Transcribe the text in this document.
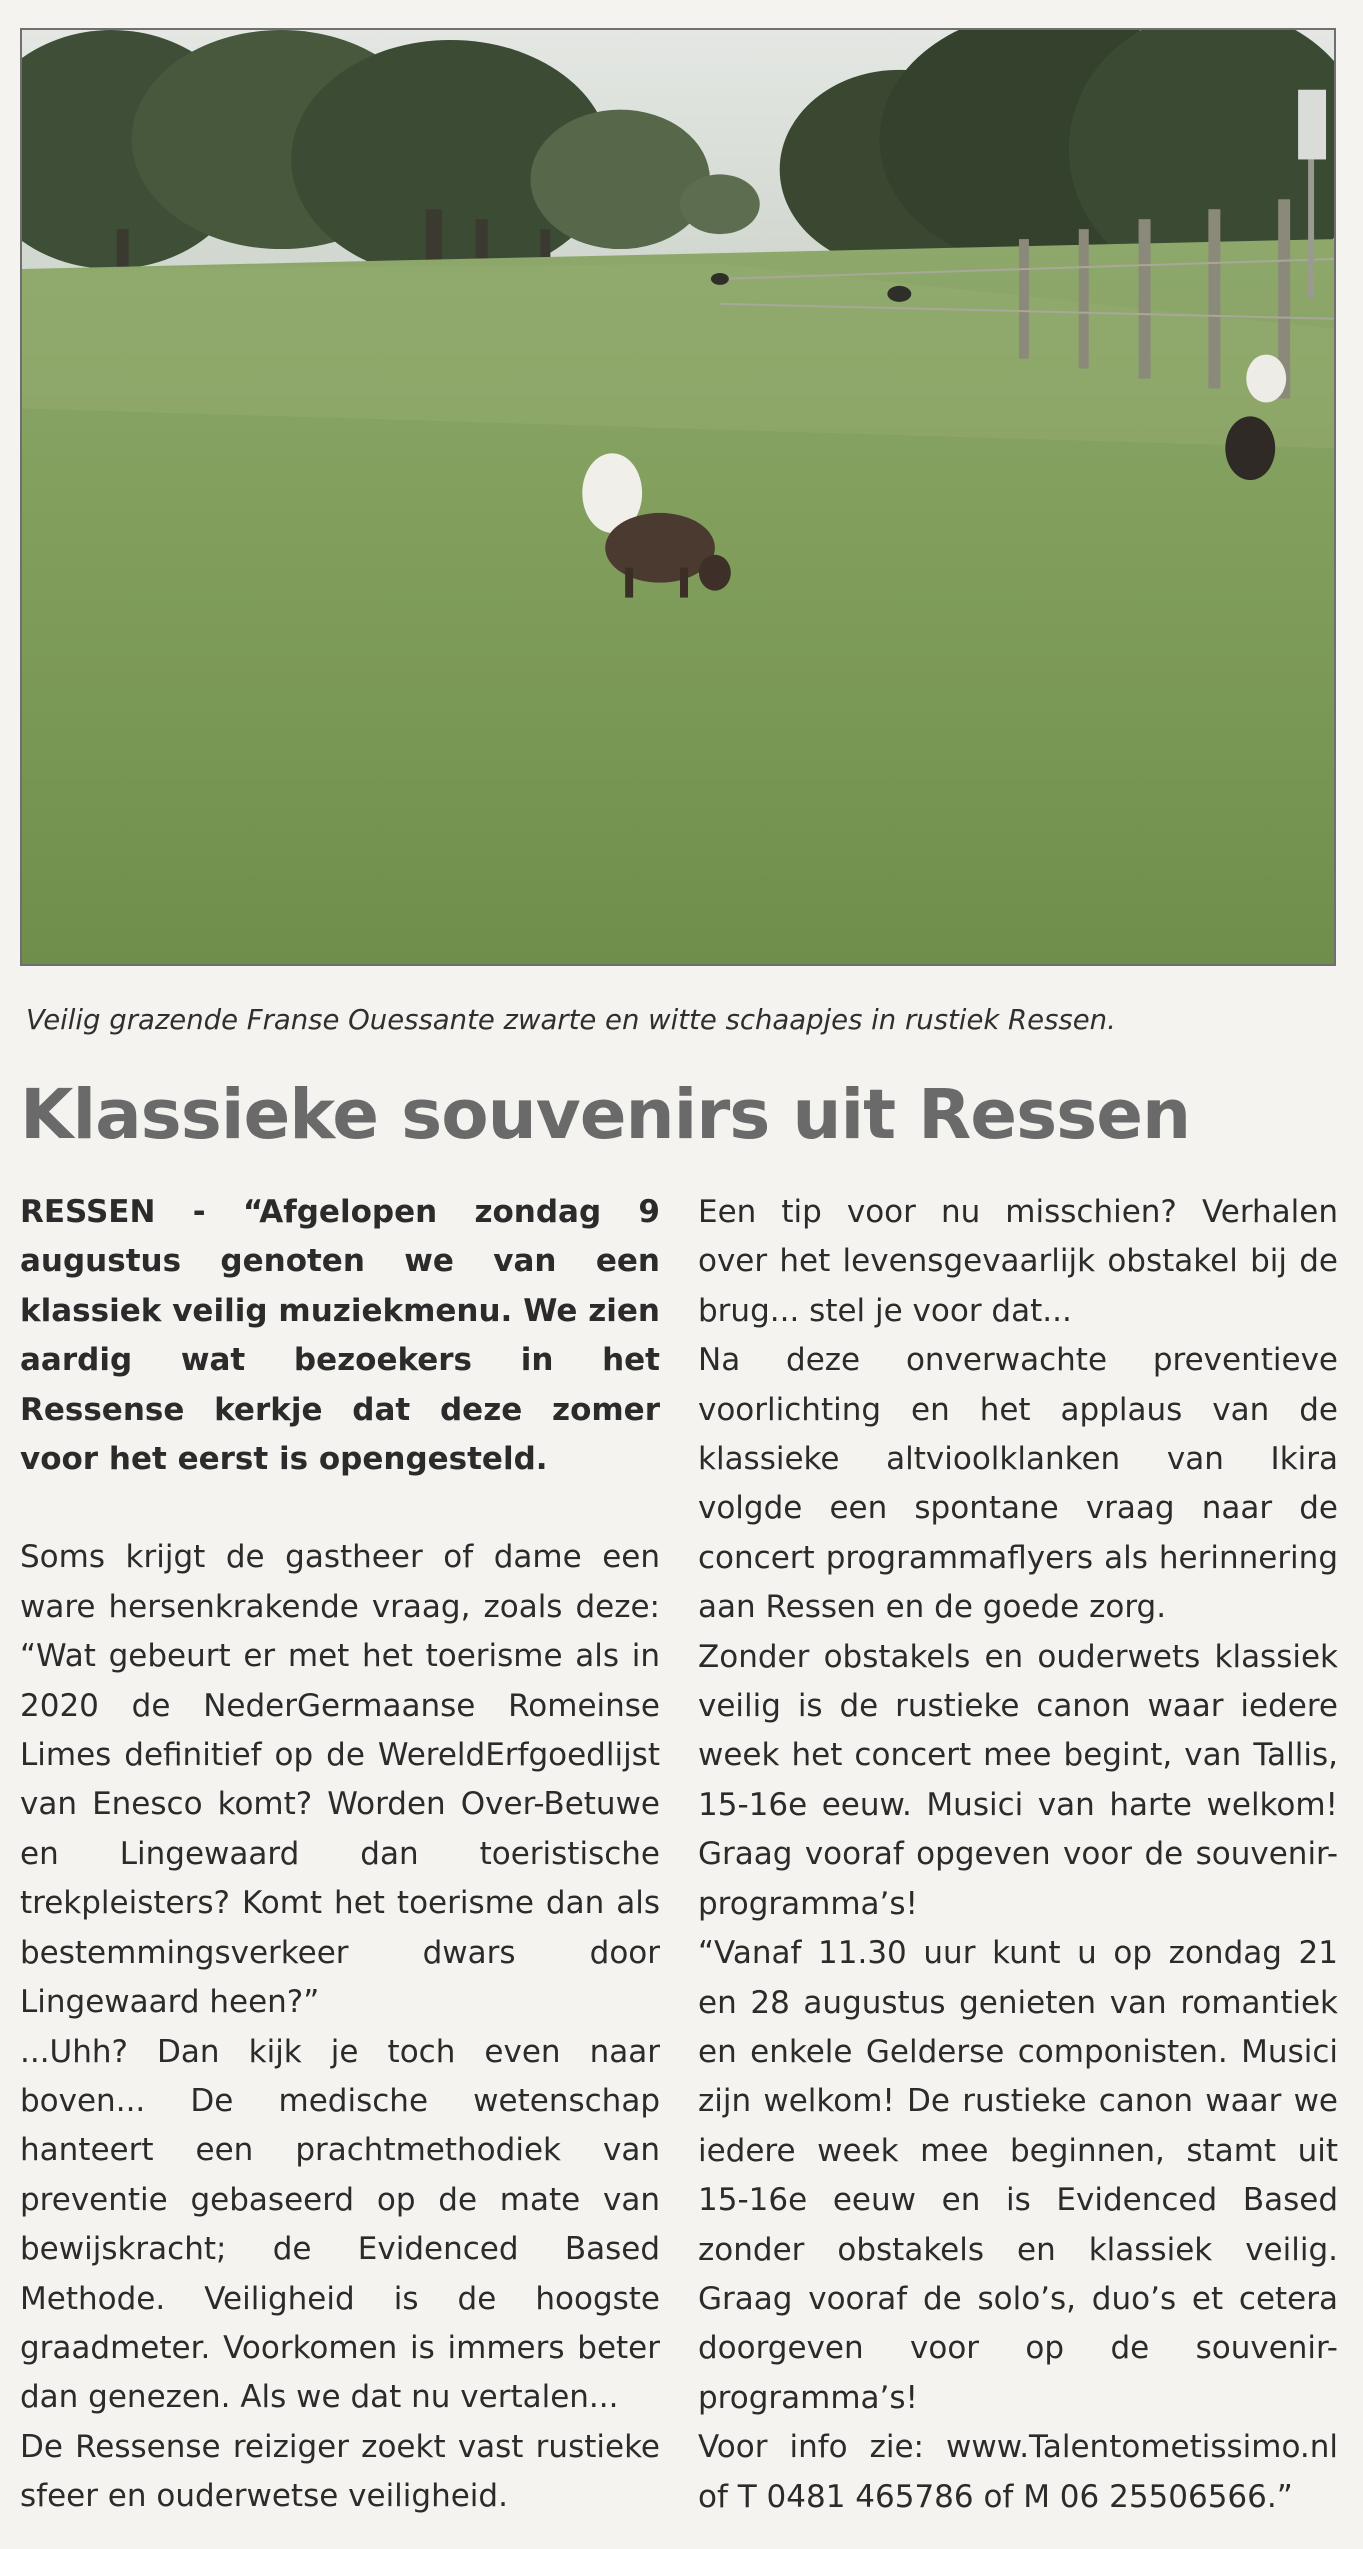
Veilig grazende Franse Ouessante zwarte en witte schaapjes in rustiek Ressen.
Klassieke souvenirs uit Ressen

RESSEN - “Afgelopen zondag 9 augustus genoten we van een klassiek veilig muziekmenu. We zien aardig wat bezoekers in het Ressense kerkje dat deze zomer voor het eerst is opengesteld.

Soms krijgt de gastheer of dame een ware hersenkrakende vraag, zoals deze: “Wat gebeurt er met het toerisme als in 2020 de NederGermaanse Romeinse Limes definitief op de WereldErfgoedlijst van Enesco komt? Worden Over-Betuwe en Lingewaard dan toeristische trekpleisters? Komt het toerisme dan als bestemmingsverkeer dwars door Lingewaard heen?”

...Uhh? Dan kijk je toch even naar boven... De medische wetenschap hanteert een prachtmethodiek van preventie gebaseerd op de mate van bewijskracht; de Evidenced Based Methode. Veiligheid is de hoogste graadmeter. Voorkomen is immers beter dan genezen. Als we dat nu vertalen...

De Ressense reiziger zoekt vast rustieke sfeer en ouderwetse veiligheid.

Een tip voor nu misschien? Verhalen over het levensgevaarlijk obstakel bij de brug... stel je voor dat...

Na deze onverwachte preventieve voorlichting en het applaus van de klassieke altvioolklanken van Ikira volgde een spontane vraag naar de concert programmaflyers als herinnering aan Ressen en de goede zorg.

Zonder obstakels en ouderwets klassiek veilig is de rustieke canon waar iedere week het concert mee begint, van Tallis, 15-16e eeuw. Musici van harte welkom! Graag vooraf opgeven voor de souvenir-programma’s!

“Vanaf 11.30 uur kunt u op zondag 21 en 28 augustus genieten van romantiek en enkele Gelderse componisten. Musici zijn welkom! De rustieke canon waar we iedere week mee beginnen, stamt uit 15-16e eeuw en is Evidenced Based zonder obstakels en klassiek veilig. Graag vooraf de solo’s, duo’s et cetera doorgeven voor op de souvenir-programma’s!

Voor info zie: www.Talentometissimo.nl of T 0481 465786 of M 06 25506566.”
